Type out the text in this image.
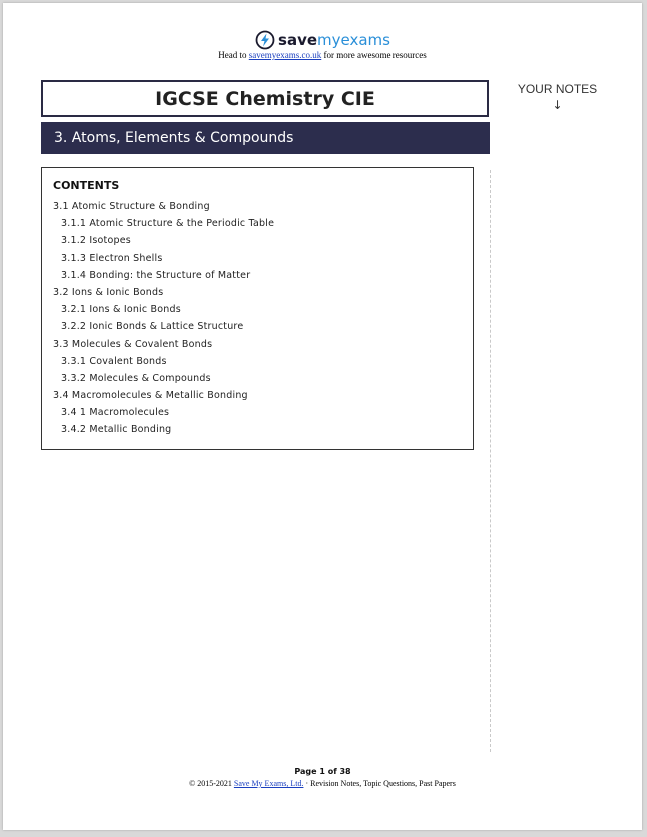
save myexams
Head to savemyexams.co.uk for more awesome resources
IGCSE Chemistry CIE
3. Atoms, Elements & Compounds
YOUR NOTES
↓
CONTENTS
3.1 Atomic Structure & Bonding
3.1.1 Atomic Structure & the Periodic Table
3.1.2 Isotopes
3.1.3 Electron Shells
3.1.4 Bonding: the Structure of Matter
3.2 Ions & Ionic Bonds
3.2.1 Ions & Ionic Bonds
3.2.2 Ionic Bonds & Lattice Structure
3.3 Molecules & Covalent Bonds
3.3.1 Covalent Bonds
3.3.2 Molecules & Compounds
3.4 Macromolecules & Metallic Bonding
3.4 1 Macromolecules
3.4.2 Metallic Bonding
Page 1 of 38
© 2015-2021 Save My Exams, Ltd. · Revision Notes, Topic Questions, Past Papers
